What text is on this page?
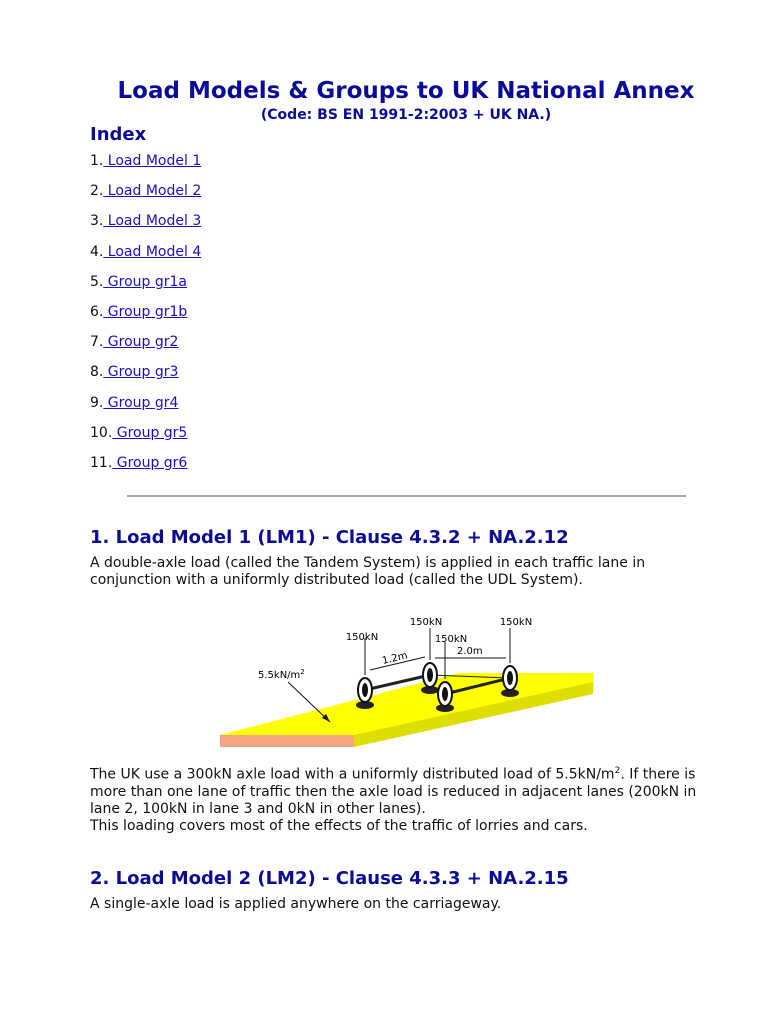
Load Models & Groups to UK National Annex
(Code: BS EN 1991-2:2003 + UK NA.)
Index
1. Load Model 1
2. Load Model 2
3. Load Model 3
4. Load Model 4
5. Group gr1a
6. Group gr1b
7. Group gr2
8. Group gr3
9. Group gr4
10. Group gr5
11. Group gr6
1. Load Model 1 (LM1) - Clause 4.3.2 + NA.2.12

A double-axle load (called the Tandem System) is applied in each traffic lane in conjunction with a uniformly distributed load (called the UDL System).

150kN
150kN
150kN
150kN
1.2m	2.0m
$5.5kN/m^2$

The UK use a 300kN axle load with a uniformly distributed load of $5.5kN/m^2$. If there is more than one lane of traffic then the axle load is reduced in adjacent lanes (200kN in lane 2, 100kN in lane 3 and 0kN in other lanes).
This loading covers most of the effects of the traffic of lorries and cars.

2. Load Model 2 (LM2) - Clause 4.3.3 + NA.2.15

A single-axle load is applied anywhere on the carriageway.
